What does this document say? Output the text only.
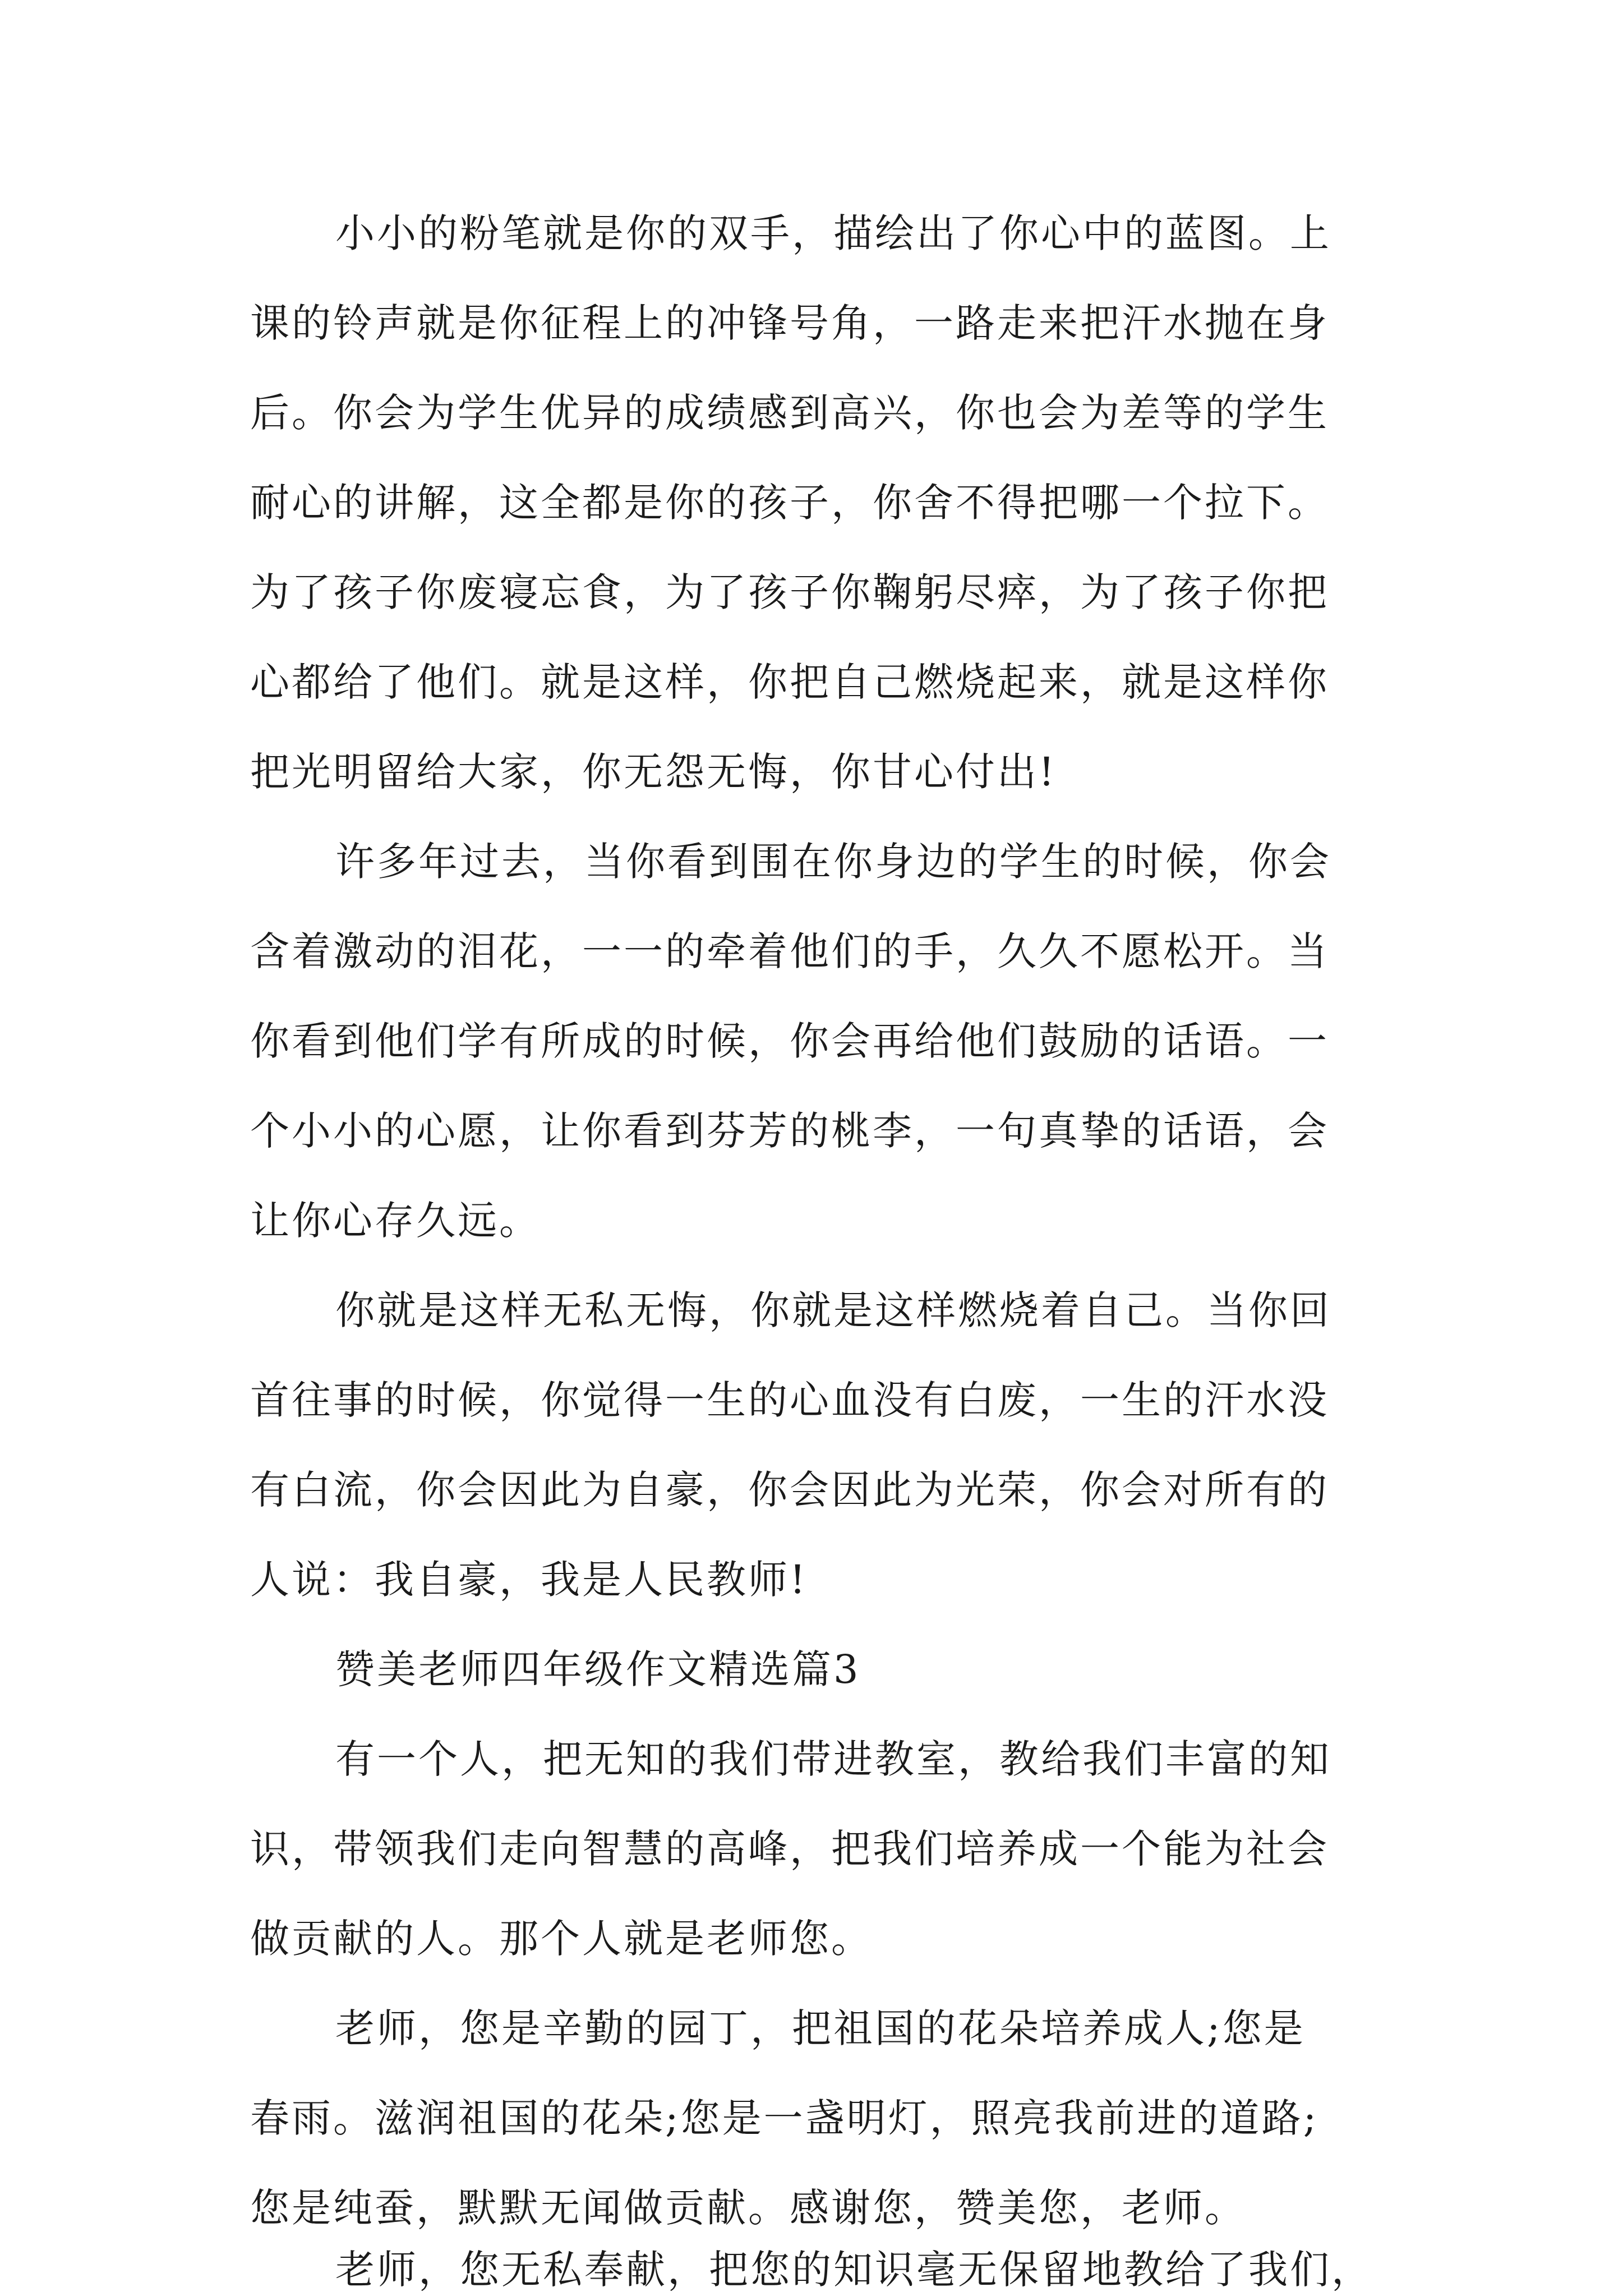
小小的粉笔就是你的双手，描绘出了你心中的蓝图。上
课的铃声就是你征程上的冲锋号角，一路走来把汗水抛在身
后。你会为学生优异的成绩感到高兴，你也会为差等的学生
耐心的讲解，这全都是你的孩子，你舍不得把哪一个拉下。
为了孩子你废寝忘食，为了孩子你鞠躬尽瘁，为了孩子你把
心都给了他们。就是这样，你把自己燃烧起来，就是这样你
把光明留给大家，你无怨无悔，你甘心付出!
许多年过去，当你看到围在你身边的学生的时候，你会
含着激动的泪花，一一的牵着他们的手，久久不愿松开。当
你看到他们学有所成的时候，你会再给他们鼓励的话语。一
个小小的心愿，让你看到芬芳的桃李，一句真挚的话语，会
让你心存久远。
你就是这样无私无悔，你就是这样燃烧着自己。当你回
首往事的时候，你觉得一生的心血没有白废，一生的汗水没
有白流，你会因此为自豪，你会因此为光荣，你会对所有的
人说：我自豪，我是人民教师!
赞美老师四年级作文精选篇3
有一个人，把无知的我们带进教室，教给我们丰富的知
识，带领我们走向智慧的高峰，把我们培养成一个能为社会
做贡献的人。那个人就是老师您。
老师，您是辛勤的园丁，把祖国的花朵培养成人;您是
春雨。滋润祖国的花朵;您是一盏明灯，照亮我前进的道路;
您是纯蚕，默默无闻做贡献。感谢您，赞美您，老师。
老师，您无私奉献，把您的知识毫无保留地教给了我们，
